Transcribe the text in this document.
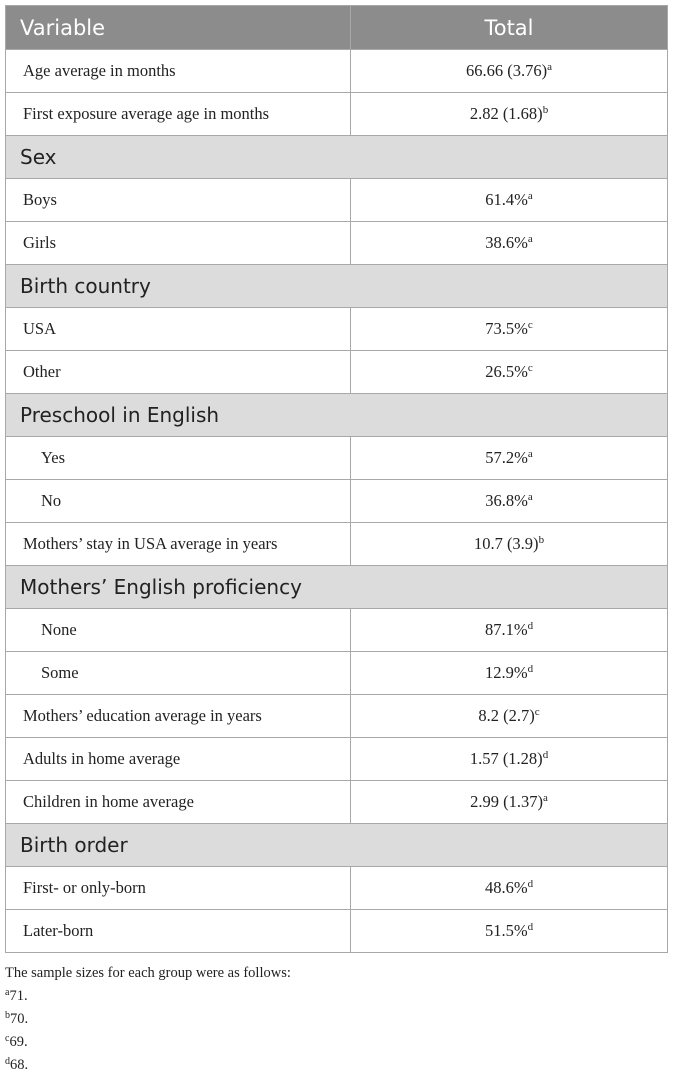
Variable	Total
Age average in months	66.66 $(3.76)^a$
First exposure average age in months	2.82 $(1.68)^b$
Sex	
Boys	61.4%$^a$
Girls	38.6%$^a$
Birth country	
USA	73.5%$^c$
Other	26.5%$^c$
Preschool in English	
Yes	57.2%$^a$
No	36.8%$^a$
Mothers’ stay in USA average in years	10.7 $(3.9)^b$
Mothers’ English proficiency	
None	87.1%$^d$
Some	12.9%$^d$
Mothers’ education average in years	8.2 $(2.7)^c$
Adults in home average	1.57 $(1.28)^d$
Children in home average	2.99 $(1.37)^a$
Birth order	
First- or only-born	48.6%$^d$
Later-born	51.5%$^d$
The sample sizes for each group were as follows:
$^a$71.
$^b$70.
$^c$69.
$^d$68.
